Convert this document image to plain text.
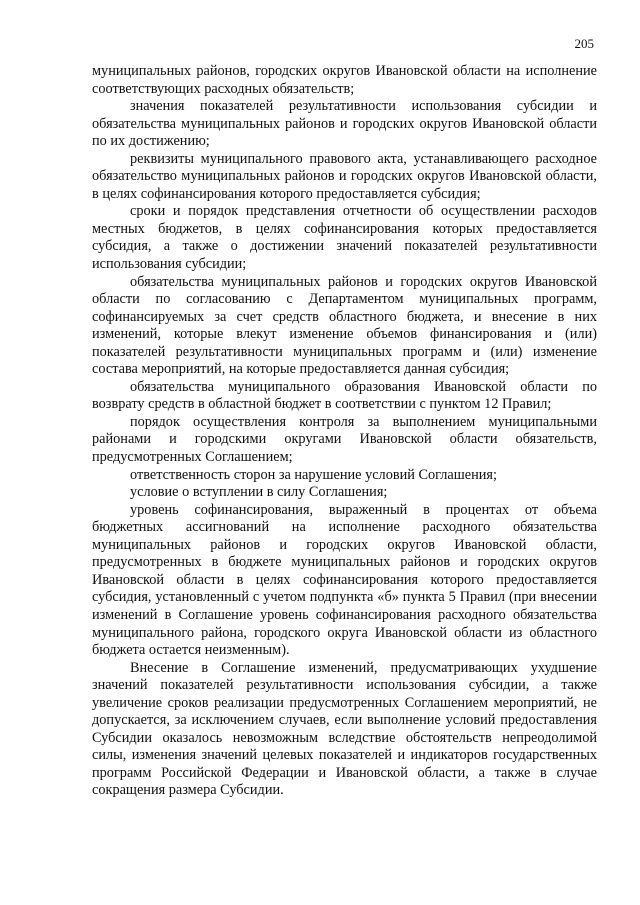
205

муниципальных районов, городских округов Ивановской области на исполнение соответствующих расходных обязательств;

значения показателей результативности использования субсидии и обязательства муниципальных районов и городских округов Ивановской области по их достижению;

реквизиты муниципального правового акта, устанавливающего расходное обязательство муниципальных районов и городских округов Ивановской области, в целях софинансирования которого предоставляется субсидия;

сроки и порядок представления отчетности об осуществлении расходов местных бюджетов, в целях софинансирования которых предоставляется субсидия, а также о достижении значений показателей результативности использования субсидии;

обязательства муниципальных районов и городских округов Ивановской области по согласованию с Департаментом муниципальных программ, софинансируемых за счет средств областного бюджета, и внесение в них изменений, которые влекут изменение объемов финансирования и (или) показателей результативности муниципальных программ и (или) изменение состава мероприятий, на которые предоставляется данная субсидия;

обязательства муниципального образования Ивановской области по возврату средств в областной бюджет в соответствии с пунктом 12 Правил;

порядок осуществления контроля за выполнением муниципальными районами и городскими округами Ивановской области обязательств, предусмотренных Соглашением;

ответственность сторон за нарушение условий Соглашения;

условие о вступлении в силу Соглашения;

уровень софинансирования, выраженный в процентах от объема бюджетных ассигнований на исполнение расходного обязательства муниципальных районов и городских округов Ивановской области, предусмотренных в бюджете муниципальных районов и городских округов Ивановской области в целях софинансирования которого предоставляется субсидия, установленный с учетом подпункта «б» пункта 5 Правил (при внесении изменений в Соглашение уровень софинансирования расходного обязательства муниципального района, городского округа Ивановской области из областного бюджета остается неизменным).

Внесение в Соглашение изменений, предусматривающих ухудшение значений показателей результативности использования субсидии, а также увеличение сроков реализации предусмотренных Соглашением мероприятий, не допускается, за исключением случаев, если выполнение условий предоставления Субсидии оказалось невозможным вследствие обстоятельств непреодолимой силы, изменения значений целевых показателей и индикаторов государственных программ Российской Федерации и Ивановской области, а также в случае сокращения размера Субсидии.
